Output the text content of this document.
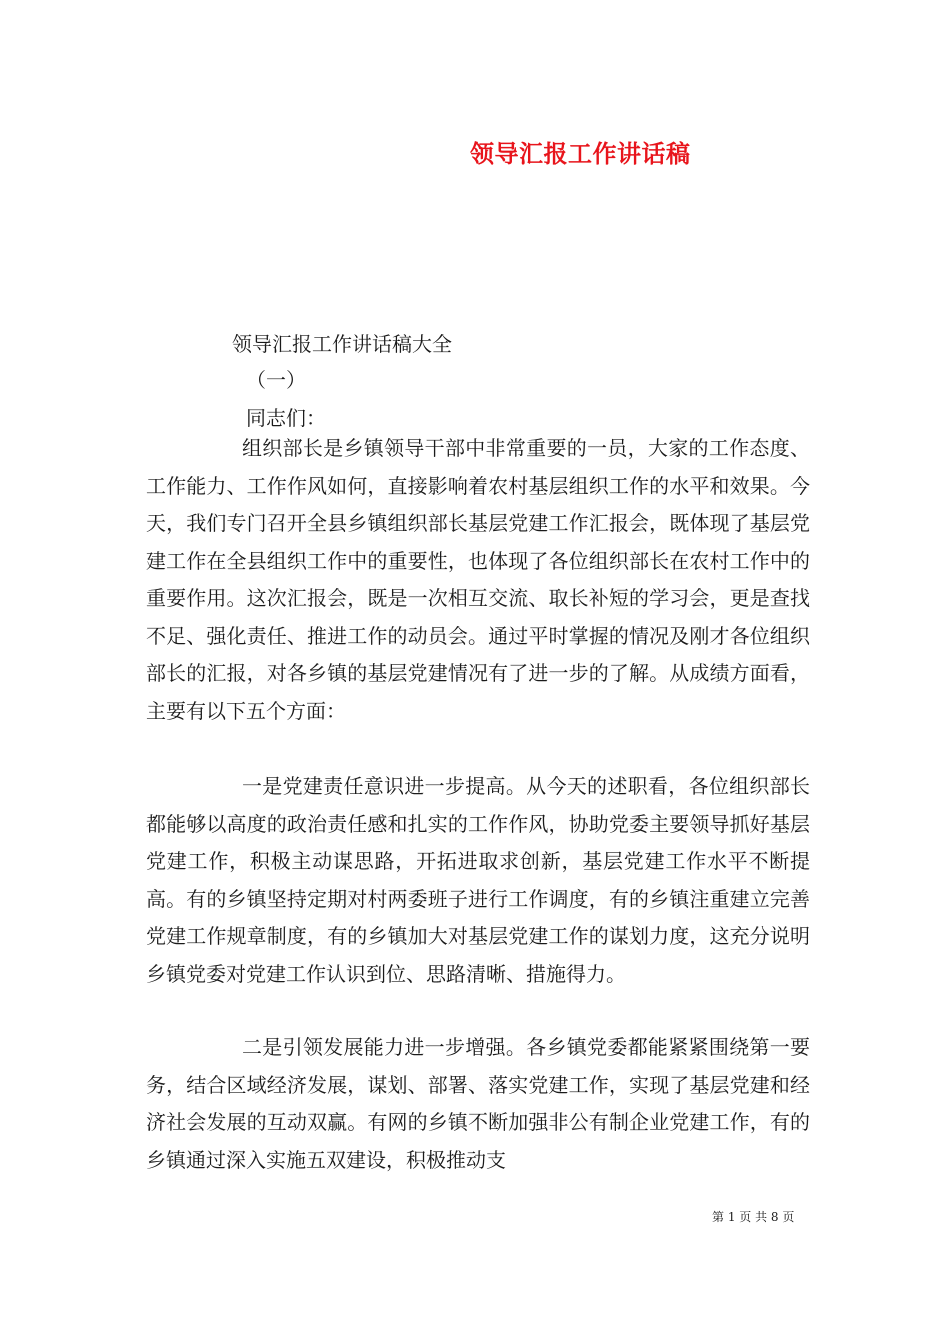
领导汇报工作讲话稿
领导汇报工作讲话稿大全
（一）
同志们：

组织部长是乡镇领导干部中非常重要的一员，大家的工作态度、工作能力、工作作风如何，直接影响着农村基层组织工作的水平和效果。今天，我们专门召开全县乡镇组织部长基层党建工作汇报会，既体现了基层党建工作在全县组织工作中的重要性，也体现了各位组织部长在农村工作中的重要作用。这次汇报会，既是一次相互交流、取长补短的学习会，更是查找不足、强化责任、推进工作的动员会。通过平时掌握的情况及刚才各位组织部长的汇报，对各乡镇的基层党建情况有了进一步的了解。从成绩方面看，主要有以下五个方面：

一是党建责任意识进一步提高。从今天的述职看，各位组织部长都能够以高度的政治责任感和扎实的工作作风，协助党委主要领导抓好基层党建工作，积极主动谋思路，开拓进取求创新，基层党建工作水平不断提高。有的乡镇坚持定期对村两委班子进行工作调度，有的乡镇注重建立完善党建工作规章制度，有的乡镇加大对基层党建工作的谋划力度，这充分说明乡镇党委对党建工作认识到位、思路清晰、措施得力。

二是引领发展能力进一步增强。各乡镇党委都能紧紧围绕第一要务，结合区域经济发展，谋划、部署、落实党建工作，实现了基层党建和经济社会发展的互动双赢。有网的乡镇不断加强非公有制企业党建工作，有的乡镇通过深入实施五双建设，积极推动支

第 1 页 共 8 页
